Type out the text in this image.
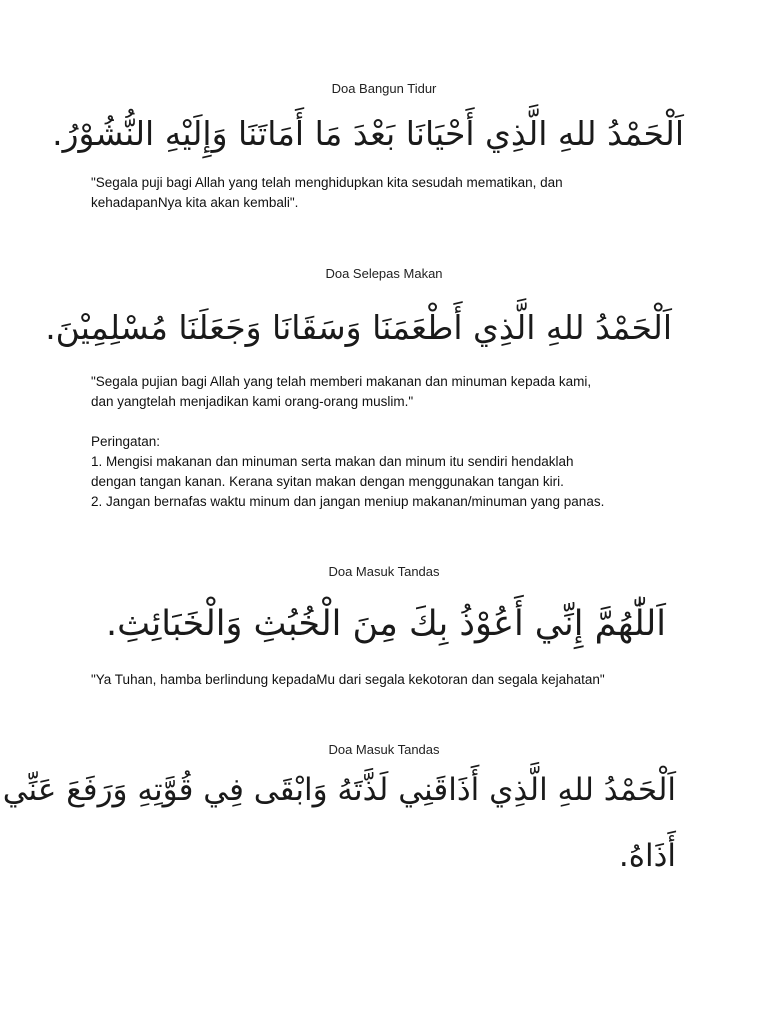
Doa Bangun Tidur
اَلْحَمْدُ للهِ الَّذِي أَحْيَانَا بَعْدَ مَا أَمَاتَنَا وَإِلَيْهِ النُّشُوْرُ.
"Segala puji bagi Allah yang telah menghidupkan kita sesudah mematikan, dan
kehadapanNya kita akan kembali".
Doa Selepas Makan
اَلْحَمْدُ للهِ الَّذِي أَطْعَمَنَا وَسَقَانَا وَجَعَلَنَا مُسْلِمِيْنَ.
"Segala pujian bagi Allah yang telah memberi makanan dan minuman kepada kami,
dan yangtelah menjadikan kami orang-orang muslim."
Peringatan:
1. Mengisi makanan dan minuman serta makan dan minum itu sendiri hendaklah
dengan tangan kanan. Kerana syitan makan dengan menggunakan tangan kiri.
2. Jangan bernafas waktu minum dan jangan meniup makanan/minuman yang panas.
Doa Masuk Tandas
اَللّٰهُمَّ إِنِّي أَعُوْذُ بِكَ مِنَ الْخُبُثِ وَالْخَبَائِثِ.
"Ya Tuhan, hamba berlindung kepadaMu dari segala kekotoran dan segala kejahatan"
Doa Masuk Tandas
اَلْحَمْدُ للهِ الَّذِي أَذَاقَنِي لَذَّتَهُ وَابْقَى فِي قُوَّتِهِ وَرَفَعَ عَنِّي
أَذَاهُ.
